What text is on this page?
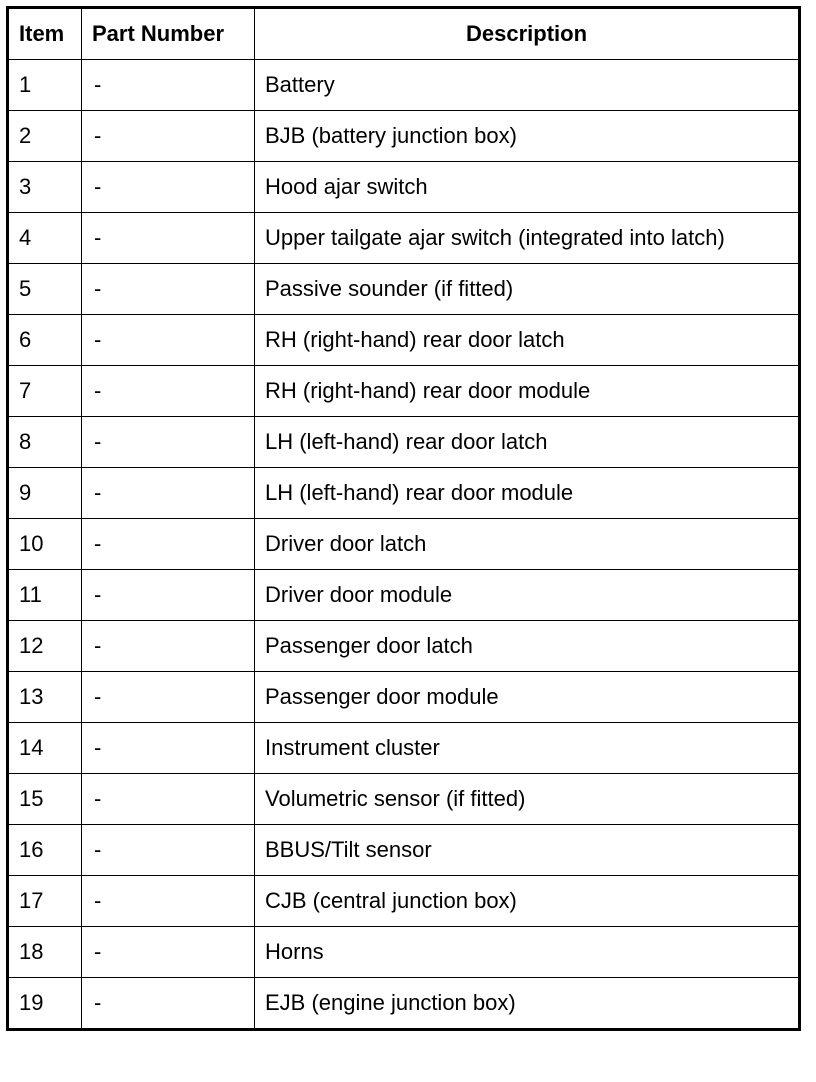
Item	Part Number	Description
1	-	Battery
2	-	BJB (battery junction box)
3	-	Hood ajar switch
4	-	Upper tailgate ajar switch (integrated into latch)
5	-	Passive sounder (if fitted)
6	-	RH (right-hand) rear door latch
7	-	RH (right-hand) rear door module
8	-	LH (left-hand) rear door latch
9	-	LH (left-hand) rear door module
10	-	Driver door latch
11	-	Driver door module
12	-	Passenger door latch
13	-	Passenger door module
14	-	Instrument cluster
15	-	Volumetric sensor (if fitted)
16	-	BBUS/Tilt sensor
17	-	CJB (central junction box)
18	-	Horns
19	-	EJB (engine junction box)
